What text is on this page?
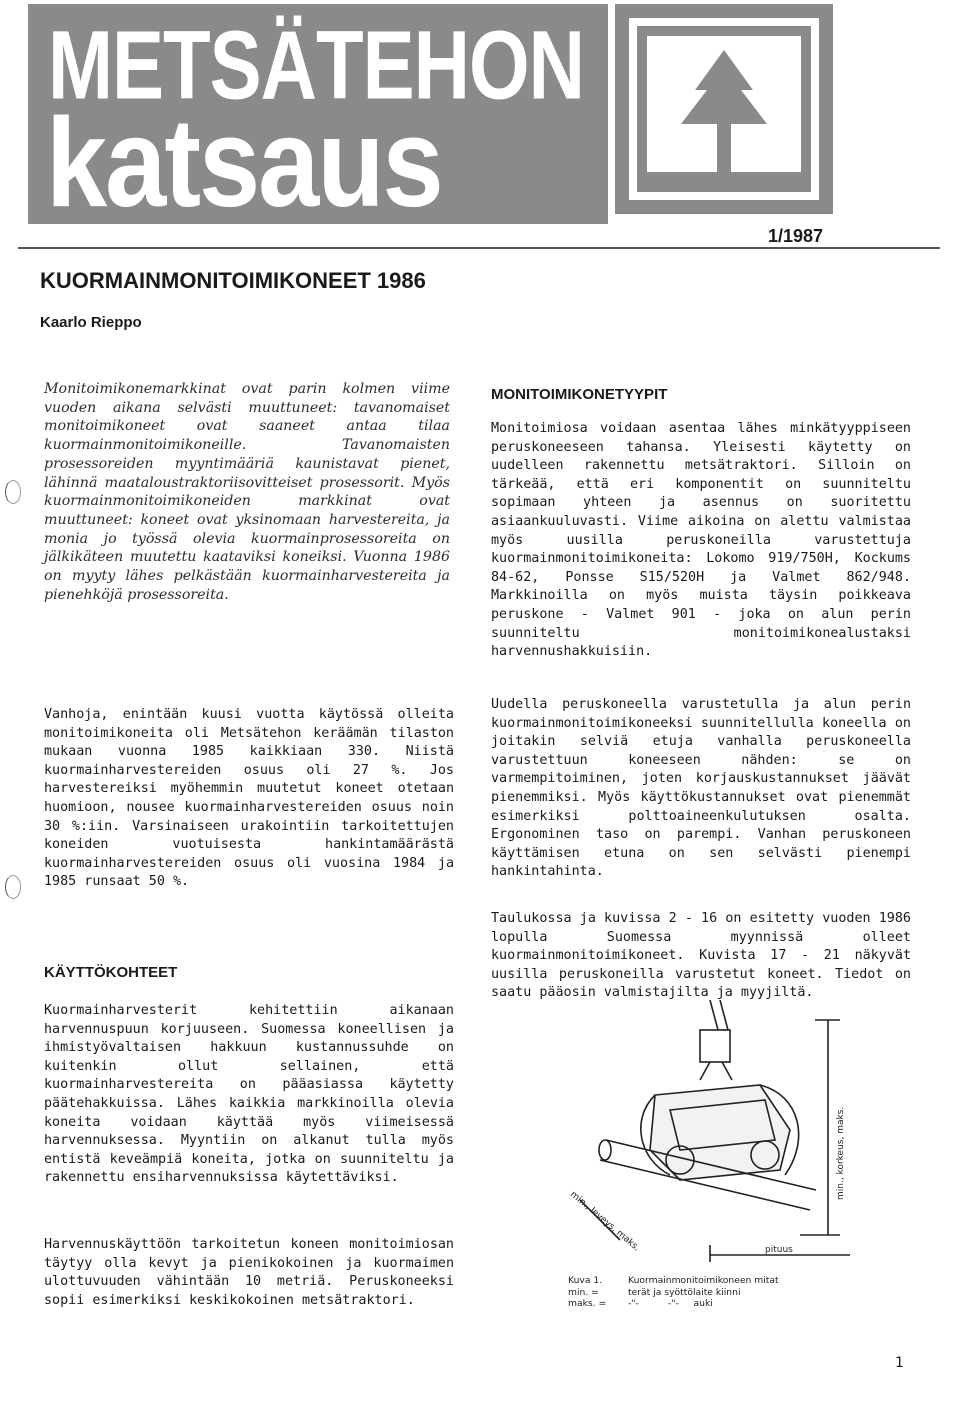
METSÄTEHON
katsaus
1/1987
KUORMAINMONITOIMIKONEET 1986
Kaarlo Rieppo
Monitoimikonemarkkinat ovat parin kolmen viime vuoden aikana selvästi muuttuneet: tavanomaiset monitoimikoneet ovat saaneet antaa tilaa kuormainmonitoimikoneille. Tavanomaisten prosessoreiden myyntimääriä kaunistavat pienet, lähinnä maataloustraktoriisovitteiset prosessorit. Myös kuormainmonitoimikoneiden markkinat ovat muuttuneet: koneet ovat yksinomaan harvestereita, ja monia jo työssä olevia kuormainprosessoreita on jälkikäteen muutettu kaataviksi koneiksi. Vuonna 1986 on myyty lähes pelkästään kuormainharvestereita ja pienehköjä prosessoreita.
Vanhoja, enintään kuusi vuotta käytössä olleita monitoimikoneita oli Metsätehon keräämän tilaston mukaan vuonna 1985 kaikkiaan 330. Niistä kuormainharvestereiden osuus oli 27 %. Jos harvestereiksi myöhemmin muutetut koneet otetaan huomioon, nousee kuormainharvestereiden osuus noin 30 %:iin. Varsinaiseen urakointiin tarkoitettujen koneiden vuotuisesta hankintamäärästä kuormainharvestereiden osuus oli vuosina 1984 ja 1985 runsaat 50 %.
KÄYTTÖKOHTEET
Kuormainharvesterit kehitettiin aikanaan harvennuspuun korjuuseen. Suomessa koneellisen ja ihmistyövaltaisen hakkuun kustannussuhde on kuitenkin ollut sellainen, että kuormainharvestereita on pääasiassa käytetty päätehakkuissa. Lähes kaikkia markkinoilla olevia koneita voidaan käyttää myös viimeisessä harvennuksessa. Myyntiin on alkanut tulla myös entistä keveämpiä koneita, jotka on suunniteltu ja rakennettu ensiharvennuksissa käytettäviksi.
Harvennuskäyttöön tarkoitetun koneen monitoimiosan täytyy olla kevyt ja pienikokoinen ja kuormaimen ulottuvuuden vähintään 10 metriä. Peruskoneeksi sopii esimerkiksi keskikokoinen metsätraktori.
MONITOIMIKONETYYPIT
Monitoimiosa voidaan asentaa lähes minkätyyppiseen peruskoneeseen tahansa. Yleisesti käytetty on uudelleen rakennettu metsätraktori. Silloin on tärkeää, että eri komponentit on suunniteltu sopimaan yhteen ja asennus on suoritettu asiaankuuluvasti. Viime aikoina on alettu valmistaa myös uusilla peruskoneilla varustettuja kuormainmonitoimikoneita: Lokomo 919/750H, Kockums 84-62, Ponsse S15/520H ja Valmet 862/948. Markkinoilla on myös muista täysin poikkeava peruskone - Valmet 901 - joka on alun perin suunniteltu monitoimikonealustaksi harvennushakkuisiin.
Uudella peruskoneella varustetulla ja alun perin kuormainmonitoimikoneeksi suunnitellulla koneella on joitakin selviä etuja vanhalla peruskoneella varustettuun koneeseen nähden: se on varmempitoiminen, joten korjauskustannukset jäävät pienemmiksi. Myös käyttökustannukset ovat pienemmät esimerkiksi polttoaineenkulutuksen osalta. Ergonominen taso on parempi. Vanhan peruskoneen käyttämisen etuna on sen selvästi pienempi hankintahinta.
Taulukossa ja kuvissa 2 - 16 on esitetty vuoden 1986 lopulla Suomessa myynnissä olleet kuormainmonitoimikoneet. Kuvista 17 - 21 näkyvät uusilla peruskoneilla varustetut koneet. Tiedot on saatu pääosin valmistajilta ja myyjiltä.
min., leveys, maks.
min., korkeus, maks.
pituus
Kuva 1.	Kuormainmonitoimikoneen mitat
min. =	terät ja syöttölaite kiinni
maks. =	-"-          -"-     auki
1
